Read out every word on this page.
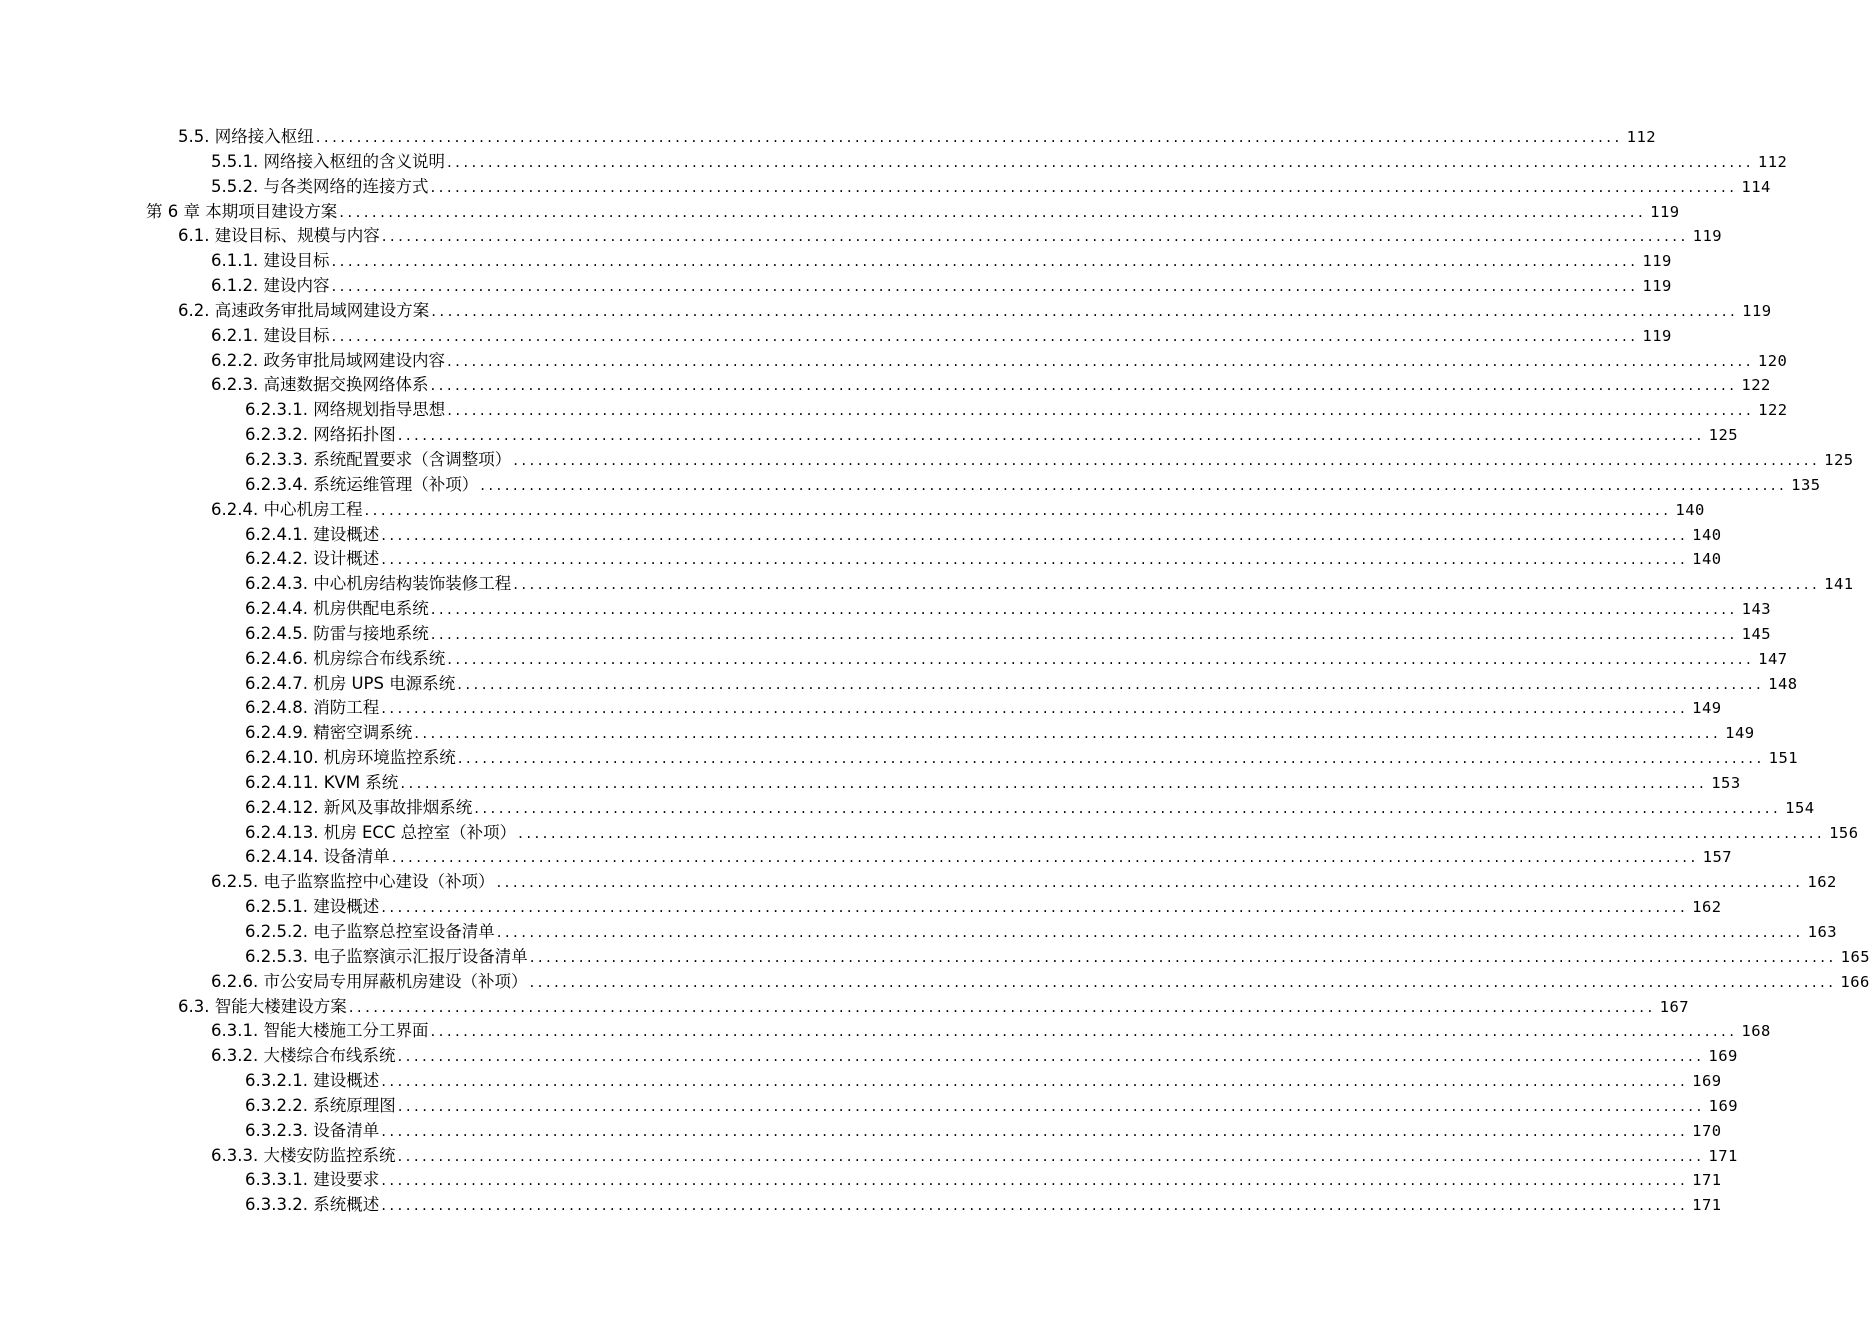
5.5. 网络接入枢纽 ................................................................................................................................................................ 112
5.5.1. 网络接入枢纽的含义说明 ................................................................................................................................................................ 112
5.5.2. 与各类网络的连接方式 ................................................................................................................................................................ 114
第 6 章 本期项目建设方案 ................................................................................................................................................................ 119
6.1. 建设目标、规模与内容 ................................................................................................................................................................ 119
6.1.1. 建设目标 ................................................................................................................................................................ 119
6.1.2. 建设内容 ................................................................................................................................................................ 119
6.2. 高速政务审批局域网建设方案 ................................................................................................................................................................ 119
6.2.1. 建设目标 ................................................................................................................................................................ 119
6.2.2. 政务审批局域网建设内容 ................................................................................................................................................................ 120
6.2.3. 高速数据交换网络体系 ................................................................................................................................................................ 122
6.2.3.1. 网络规划指导思想 ................................................................................................................................................................ 122
6.2.3.2. 网络拓扑图 ................................................................................................................................................................ 125
6.2.3.3. 系统配置要求（含调整项） ................................................................................................................................................................ 125
6.2.3.4. 系统运维管理（补项） ................................................................................................................................................................ 135
6.2.4. 中心机房工程 ................................................................................................................................................................ 140
6.2.4.1. 建设概述 ................................................................................................................................................................ 140
6.2.4.2. 设计概述 ................................................................................................................................................................ 140
6.2.4.3. 中心机房结构装饰装修工程 ................................................................................................................................................................ 141
6.2.4.4. 机房供配电系统 ................................................................................................................................................................ 143
6.2.4.5. 防雷与接地系统 ................................................................................................................................................................ 145
6.2.4.6. 机房综合布线系统 ................................................................................................................................................................ 147
6.2.4.7. 机房 UPS 电源系统 ................................................................................................................................................................ 148
6.2.4.8. 消防工程 ................................................................................................................................................................ 149
6.2.4.9. 精密空调系统 ................................................................................................................................................................ 149
6.2.4.10. 机房环境监控系统 ................................................................................................................................................................ 151
6.2.4.11. KVM 系统 ................................................................................................................................................................ 153
6.2.4.12. 新风及事故排烟系统 ................................................................................................................................................................ 154
6.2.4.13. 机房 ECC 总控室（补项） ................................................................................................................................................................ 156
6.2.4.14. 设备清单 ................................................................................................................................................................ 157
6.2.5. 电子监察监控中心建设（补项） ................................................................................................................................................................ 162
6.2.5.1. 建设概述 ................................................................................................................................................................ 162
6.2.5.2. 电子监察总控室设备清单 ................................................................................................................................................................ 163
6.2.5.3. 电子监察演示汇报厅设备清单 ................................................................................................................................................................ 165
6.2.6. 市公安局专用屏蔽机房建设（补项） ................................................................................................................................................................ 166
6.3. 智能大楼建设方案 ................................................................................................................................................................ 167
6.3.1. 智能大楼施工分工界面 ................................................................................................................................................................ 168
6.3.2. 大楼综合布线系统 ................................................................................................................................................................ 169
6.3.2.1. 建设概述 ................................................................................................................................................................ 169
6.3.2.2. 系统原理图 ................................................................................................................................................................ 169
6.3.2.3. 设备清单 ................................................................................................................................................................ 170
6.3.3. 大楼安防监控系统 ................................................................................................................................................................ 171
6.3.3.1. 建设要求 ................................................................................................................................................................ 171
6.3.3.2. 系统概述 ................................................................................................................................................................ 171
